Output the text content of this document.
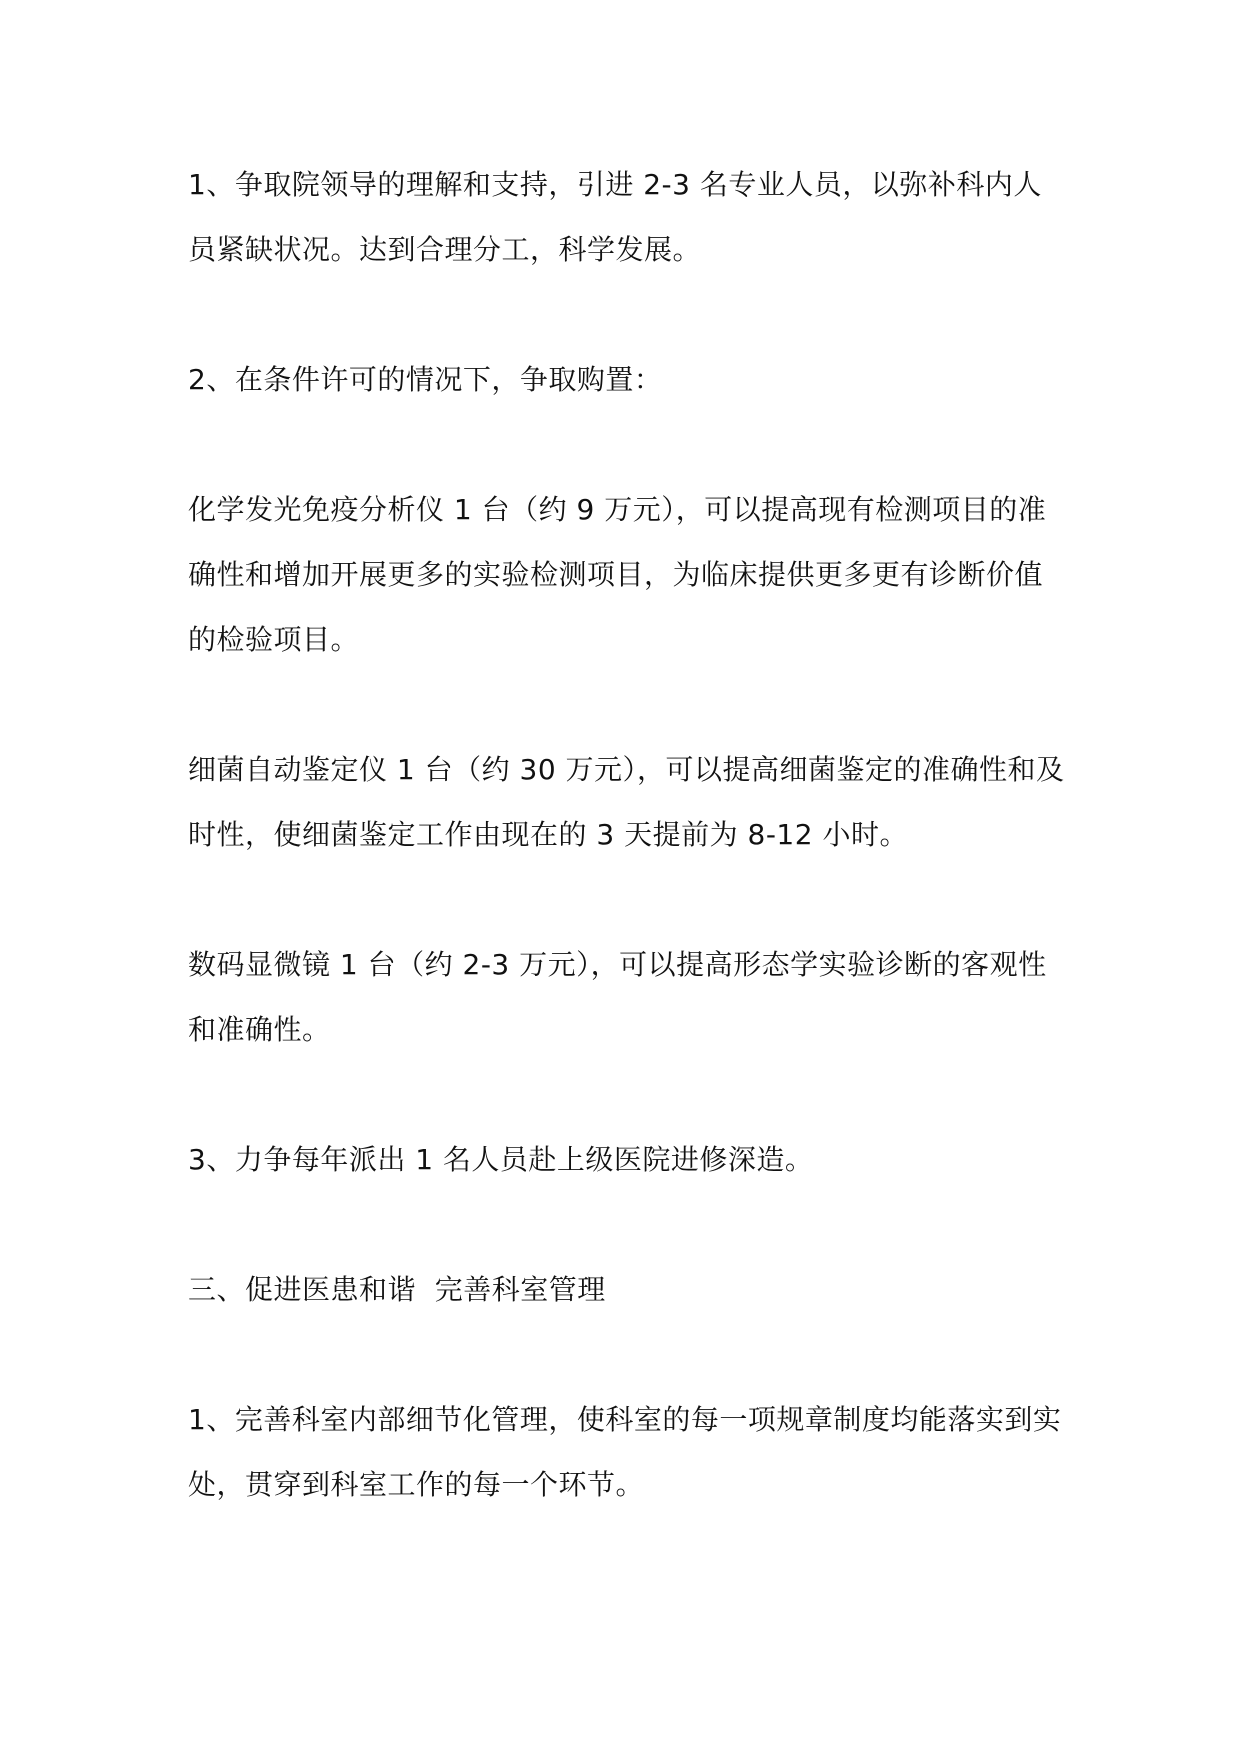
1、争取院领导的理解和支持，引进 2-3 名专业人员，以弥补科内人员紧缺状况。达到合理分工，科学发展。

2、在条件许可的情况下，争取购置：

化学发光免疫分析仪 1 台（约 9 万元），可以提高现有检测项目的准确性和增加开展更多的实验检测项目，为临床提供更多更有诊断价值的检验项目。

细菌自动鉴定仪 1 台（约 30 万元），可以提高细菌鉴定的准确性和及时性，使细菌鉴定工作由现在的 3 天提前为 8-12 小时。

数码显微镜 1 台（约 2-3 万元），可以提高形态学实验诊断的客观性和准确性。

3、力争每年派出 1 名人员赴上级医院进修深造。

三、促进医患和谐  完善科室管理

1、完善科室内部细节化管理，使科室的每一项规章制度均能落实到实处，贯穿到科室工作的每一个环节。
